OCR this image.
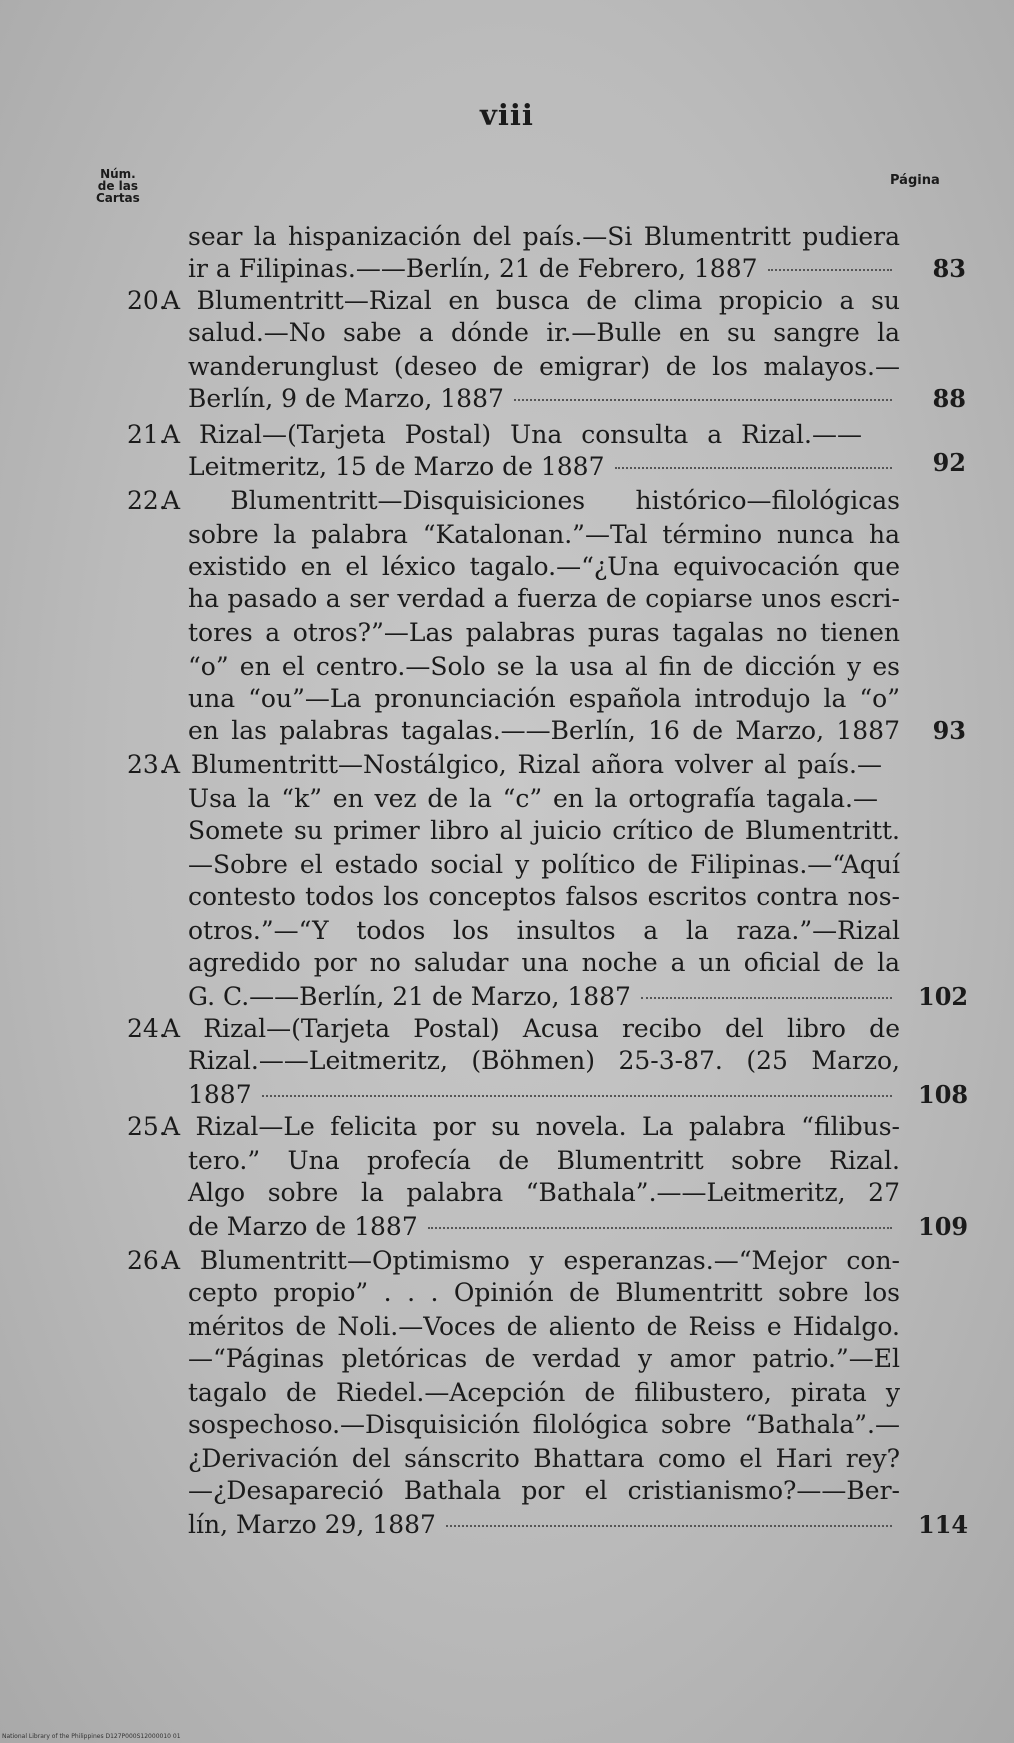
viii
Núm.
de las
Cartas
Página
sear la hispanización del país.—Si Blumentritt pudiera
ir a Filipinas.——Berlín, 21 de Febrero, 1887	83
20.
A Blumentritt—Rizal en busca de clima propicio a su
salud.—No sabe a dónde ir.—Bulle en su sangre la
wanderunglust (deseo de emigrar) de los malayos.—
Berlín, 9 de Marzo, 1887	88
21.
A Rizal—(Tarjeta Postal) Una consulta a Rizal.——
Leitmeritz, 15 de Marzo de 1887	92
22.
A Blumentritt—Disquisiciones histórico—filológicas
sobre la palabra “Katalonan.”—Tal término nunca ha
existido en el léxico tagalo.—“¿Una equivocación que
ha pasado a ser verdad a fuerza de copiarse unos escri-
tores a otros?”—Las palabras puras tagalas no tienen
“o” en el centro.—Solo se la usa al fin de dicción y es
una “ou”—La pronunciación española introdujo la “o”
en las palabras tagalas.——Berlín, 16 de Marzo, 1887	93
23.
A Blumentritt—Nostálgico, Rizal añora volver al país.—
Usa la “k” en vez de la “c” en la ortografía tagala.—
Somete su primer libro al juicio crítico de Blumentritt.
—Sobre el estado social y político de Filipinas.—“Aquí
contesto todos los conceptos falsos escritos contra nos-
otros.”—“Y todos los insultos a la raza.”—Rizal
agredido por no saludar una noche a un oficial de la
G. C.——Berlín, 21 de Marzo, 1887	102
24.
A Rizal—(Tarjeta Postal) Acusa recibo del libro de
Rizal.——Leitmeritz, (Böhmen) 25-3-87. (25 Marzo,
1887	108
25.
A Rizal—Le felicita por su novela. La palabra “filibus-
tero.” Una profecía de Blumentritt sobre Rizal.
Algo sobre la palabra “Bathala”.——Leitmeritz, 27
de Marzo de 1887	109
26.
A Blumentritt—Optimismo y esperanzas.—“Mejor con-
cepto propio” . . . Opinión de Blumentritt sobre los
méritos de Noli.—Voces de aliento de Reiss e Hidalgo.
—“Páginas pletóricas de verdad y amor patrio.”—El
tagalo de Riedel.—Acepción de filibustero, pirata y
sospechoso.—Disquisición filológica sobre “Bathala”.—
¿Derivación del sánscrito Bhattara como el Hari rey?
—¿Desapareció Bathala por el cristianismo?——Ber-
lín, Marzo 29, 1887	114
National Library of the Philippines D127P000S12000010 01
